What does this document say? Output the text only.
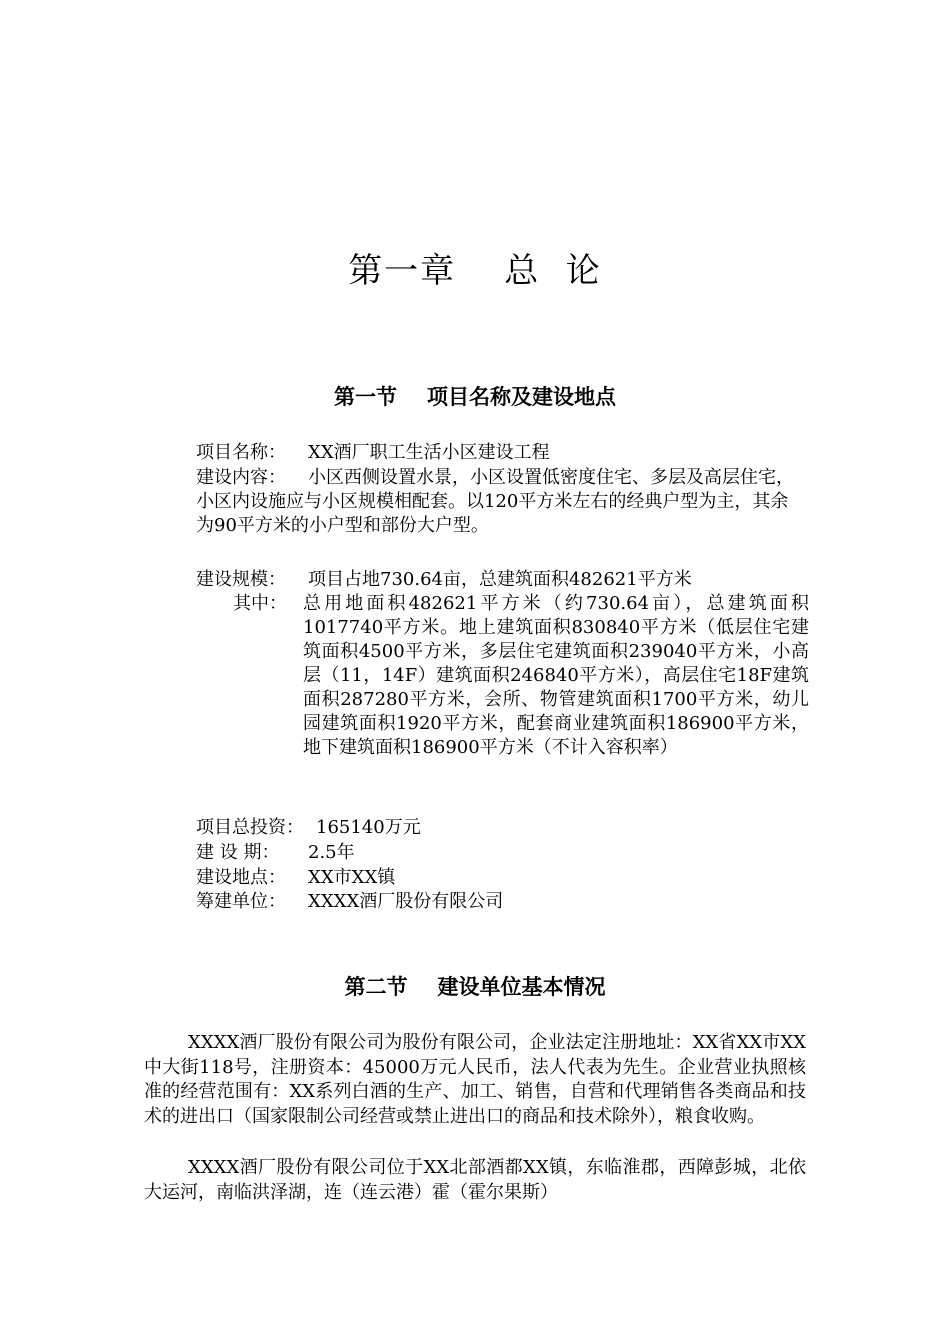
第一章 总  论
第一节 项目名称及建设地点
项目名称： XX酒厂职工生活小区建设工程
建设内容：	小区西侧设置水景，小区设置低密度住宅、多层及高层住宅，小区内设施应与小区规模相配套。以120平方米左右的经典户型为主，其余为90平方米的小户型和部份大户型。
建设规模： 项目占地730.64亩，总建筑面积482621平方米
其中： 总用地面积482621平方米（约730.64亩），总建筑面积1017740平方米。地上建筑面积830840平方米（低层住宅建筑面积4500平方米，多层住宅建筑面积239040平方米，小高层（11，14F）建筑面积246840平方米），高层住宅18F建筑面积287280平方米，会所、物管建筑面积1700平方米，幼儿园建筑面积1920平方米，配套商业建筑面积186900平方米，地下建筑面积186900平方米（不计入容积率）
项目总投资： 165140万元
建 设 期： 2.5年
建设地点： XX市XX镇
筹建单位： XXXX酒厂股份有限公司
第二节 建设单位基本情况

XXXX酒厂股份有限公司为股份有限公司，企业法定注册地址：XX省XX市XX中大街118号，注册资本：45000万元人民币，法人代表为先生。企业营业执照核准的经营范围有：XX系列白酒的生产、加工、销售，自营和代理销售各类商品和技术的进出口（国家限制公司经营或禁止进出口的商品和技术除外），粮食收购。

XXXX酒厂股份有限公司位于XX北部酒都XX镇，东临淮郡，西障彭城，北依大运河，南临洪泽湖，连（连云港）霍（霍尔果斯）
